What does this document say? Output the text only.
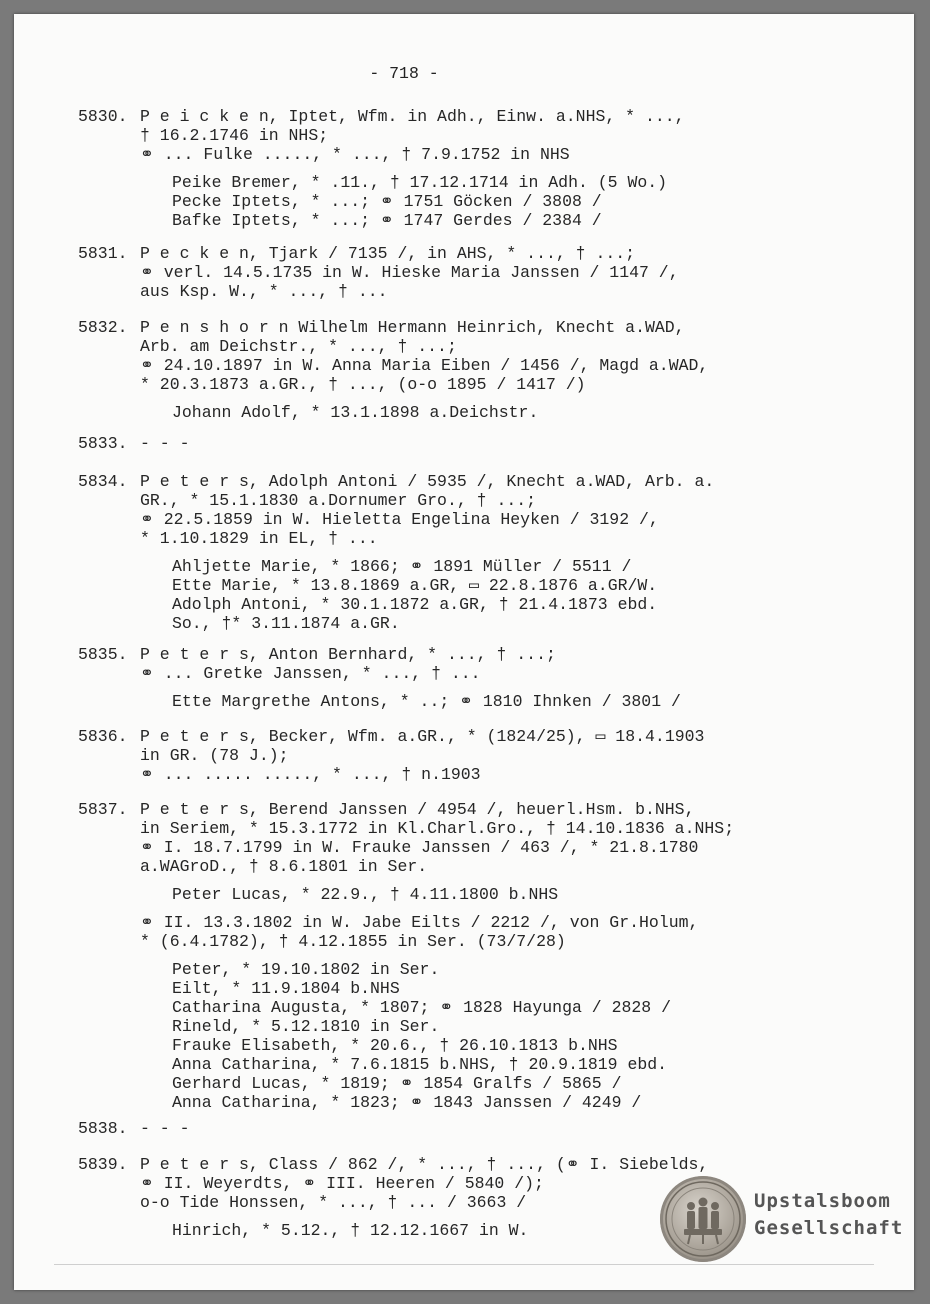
- 718 -
5830. P e i c k e n, Iptet, Wfm. in Adh., Einw. a.NHS, * ...,
† 16.2.1746 in NHS;
⚭ ... Fulke ....., * ..., † 7.9.1752 in NHS
Peike Bremer, * .11., † 17.12.1714 in Adh. (5 Wo.)
Pecke Iptets, * ...; ⚭ 1751 Göcken / 3808 /
Bafke Iptets, * ...; ⚭ 1747 Gerdes / 2384 /
5831. P e c k e n, Tjark / 7135 /, in AHS, * ..., † ...;
⚭ verl. 14.5.1735 in W. Hieske Maria Janssen / 1147 /,
aus Ksp. W., * ..., † ...
5832. P e n s h o r n Wilhelm Hermann Heinrich, Knecht a.WAD,
Arb. am Deichstr., * ..., † ...;
⚭ 24.10.1897 in W. Anna Maria Eiben / 1456 /, Magd a.WAD,
* 20.3.1873 a.GR., † ..., (o-o 1895 / 1417 /)
Johann Adolf, * 13.1.1898 a.Deichstr.
5833. - - -
5834. P e t e r s, Adolph Antoni / 5935 /, Knecht a.WAD, Arb. a.
GR., * 15.1.1830 a.Dornumer Gro., † ...;
⚭ 22.5.1859 in W. Hieletta Engelina Heyken / 3192 /,
* 1.10.1829 in EL, † ...
Ahljette Marie, * 1866; ⚭ 1891 Müller / 5511 /
Ette Marie, * 13.8.1869 a.GR, ▭ 22.8.1876 a.GR/W.
Adolph Antoni, * 30.1.1872 a.GR, † 21.4.1873 ebd.
So., †* 3.11.1874 a.GR.
5835. P e t e r s, Anton Bernhard, * ..., † ...;
⚭ ... Gretke Janssen, * ..., † ...
Ette Margrethe Antons, * ..; ⚭ 1810 Ihnken / 3801 /
5836. P e t e r s, Becker, Wfm. a.GR., * (1824/25), ▭ 18.4.1903
in GR. (78 J.);
⚭ ... ..... ....., * ..., † n.1903
5837. P e t e r s, Berend Janssen / 4954 /, heuerl.Hsm. b.NHS,
in Seriem, * 15.3.1772 in Kl.Charl.Gro., † 14.10.1836 a.NHS;
⚭ I. 18.7.1799 in W. Frauke Janssen / 463 /, * 21.8.1780
a.WAGroD., † 8.6.1801 in Ser.
Peter Lucas, * 22.9., † 4.11.1800 b.NHS
⚭ II. 13.3.1802 in W. Jabe Eilts / 2212 /, von Gr.Holum,
* (6.4.1782), † 4.12.1855 in Ser. (73/7/28)
Peter, * 19.10.1802 in Ser.
Eilt, * 11.9.1804 b.NHS
Catharina Augusta, * 1807; ⚭ 1828 Hayunga / 2828 /
Rineld, * 5.12.1810 in Ser.
Frauke Elisabeth, * 20.6., † 26.10.1813 b.NHS
Anna Catharina, * 7.6.1815 b.NHS, † 20.9.1819 ebd.
Gerhard Lucas, * 1819; ⚭ 1854 Gralfs / 5865 /
Anna Catharina, * 1823; ⚭ 1843 Janssen / 4249 /
5838. - - -
5839. P e t e r s, Class / 862 /, * ..., † ..., (⚭ I. Siebelds,
⚭ II. Weyerdts, ⚭ III. Heeren / 5840 /);
o-o Tide Honssen, * ..., † ... / 3663 /
Hinrich, * 5.12., † 12.12.1667 in W.
Upstalsboom
Gesellschaft
